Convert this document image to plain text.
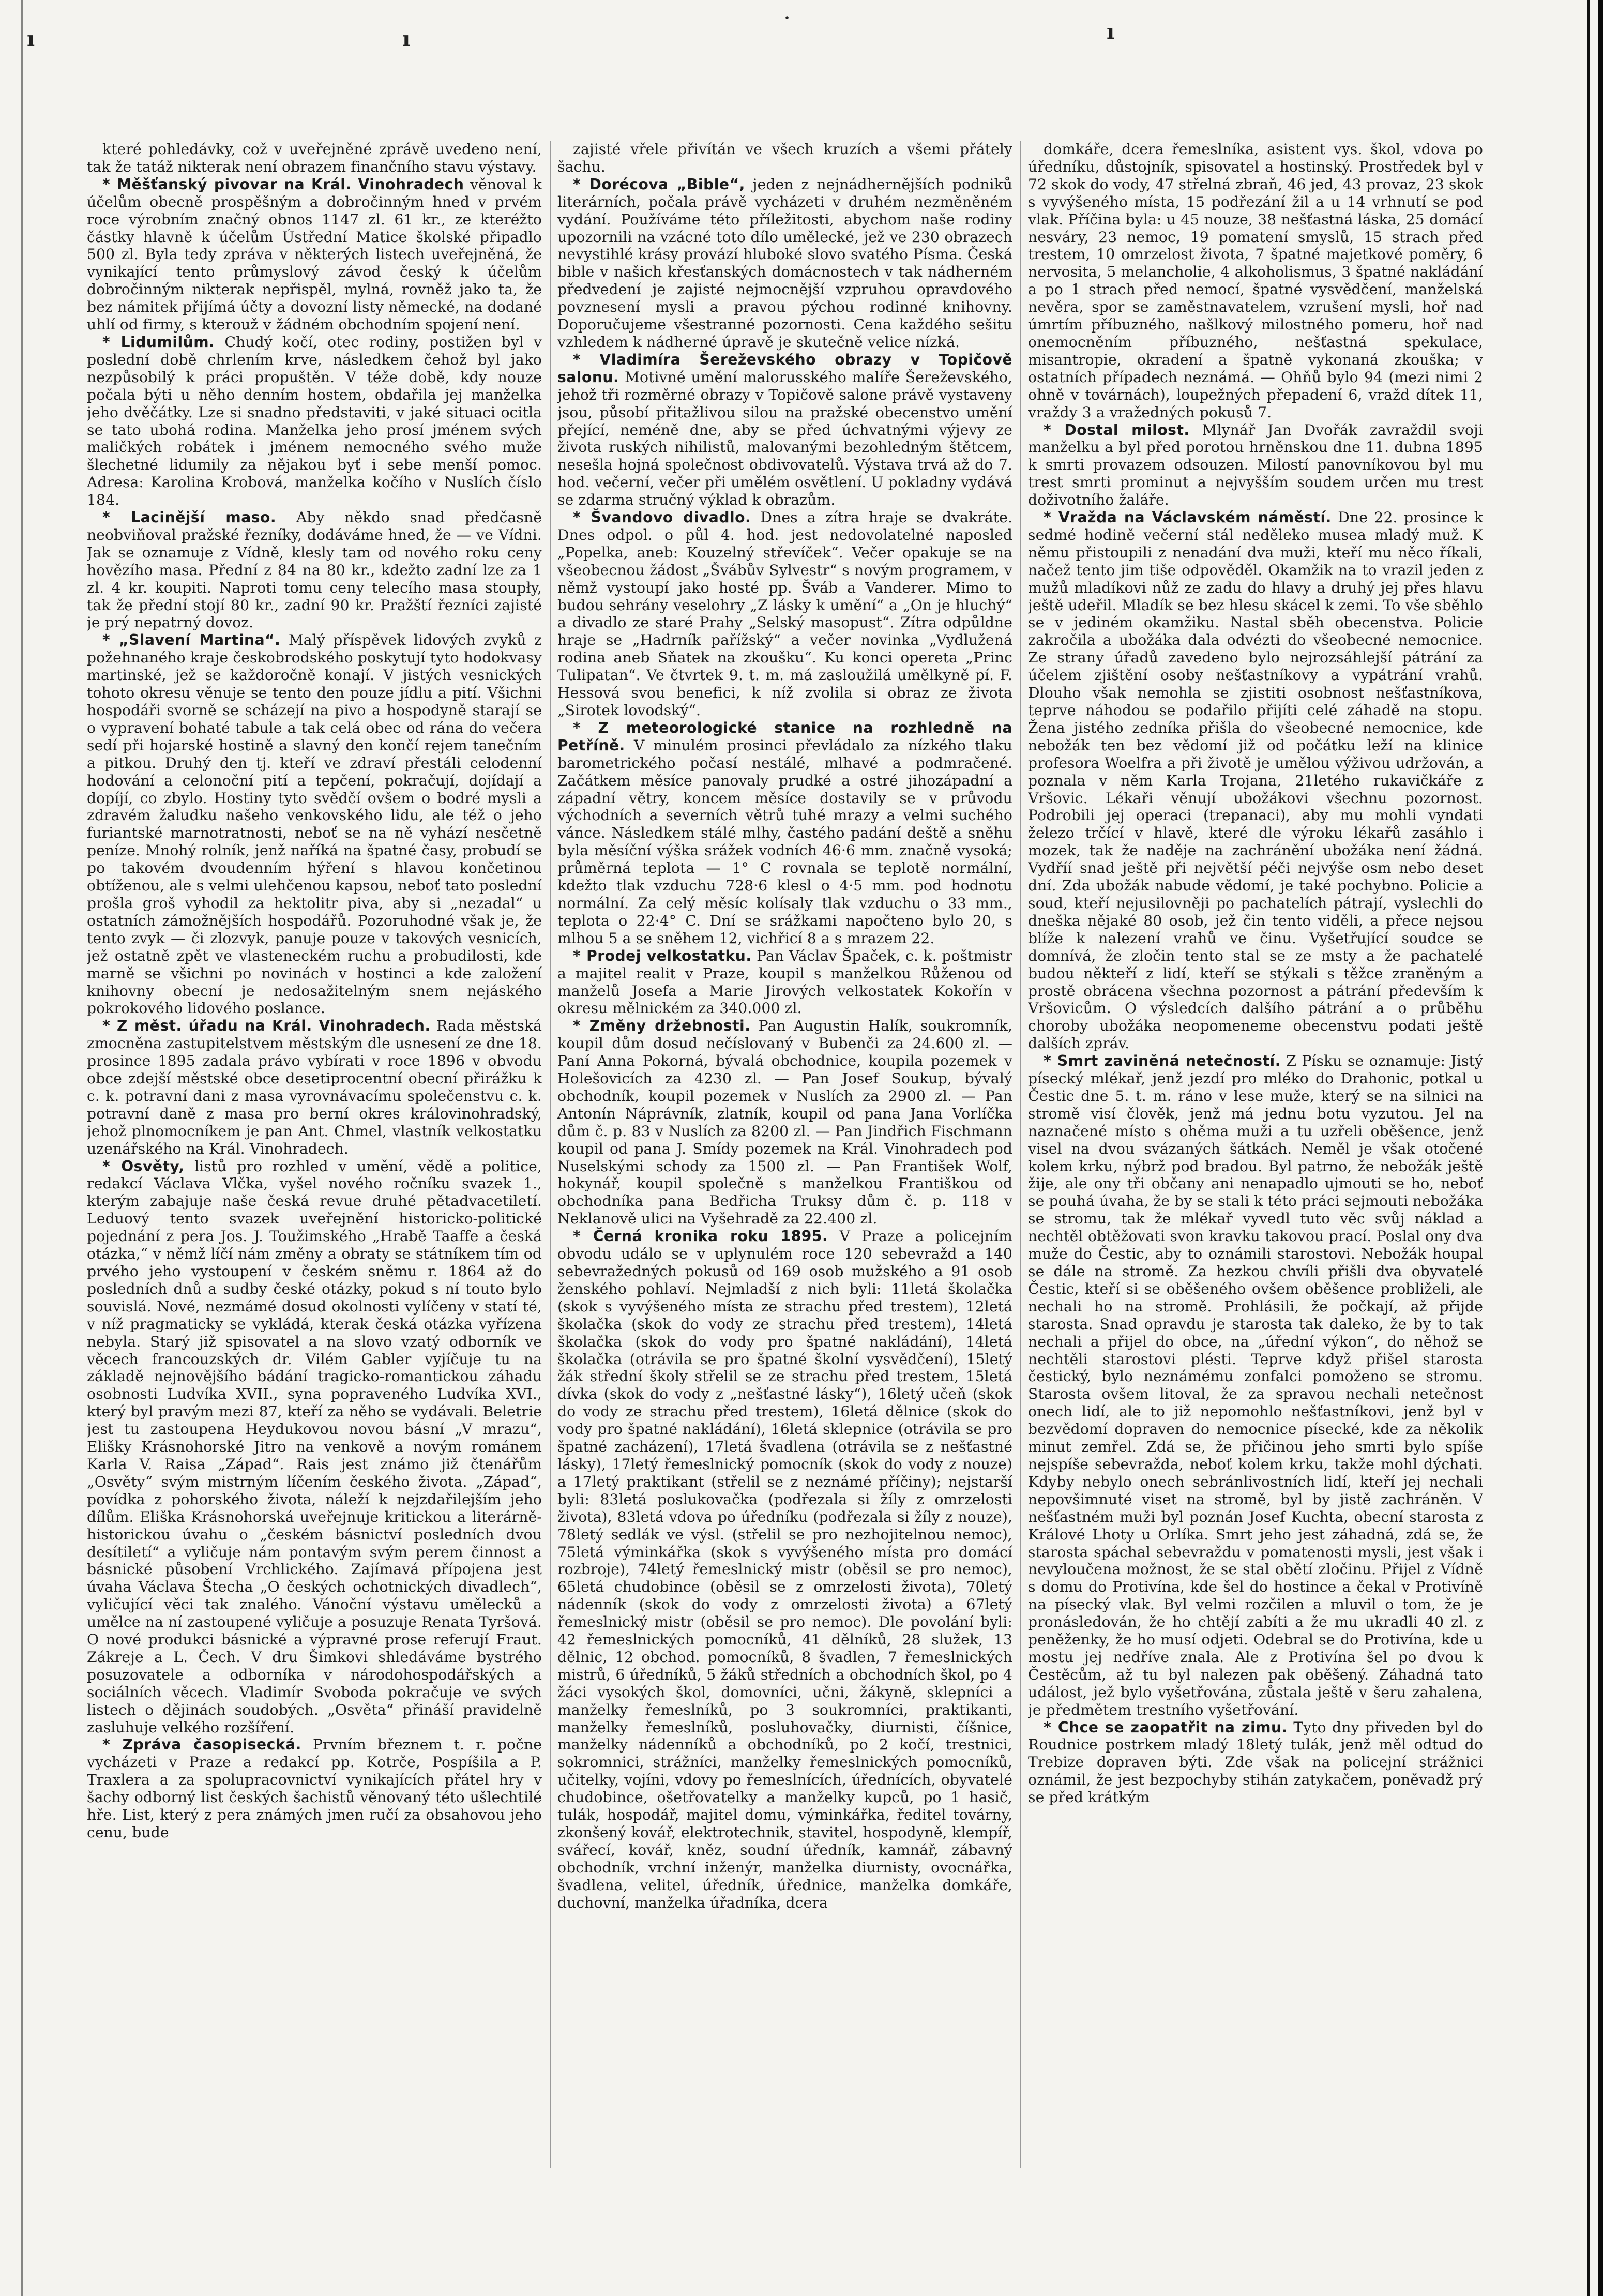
ı	ı
˙	ı

které pohledávky, což v uveřejněné zprávě uvedeno není, tak že tatáž nikterak není obrazem finančního stavu výstavy.

* Měšťanský pivovar na Král. Vinohradech věnoval k účelům obecně prospěšným a dobročinným hned v prvém roce výrobním značný obnos 1147 zl. 61 kr., ze kteréžto částky hlavně k účelům Ústřední Matice školské připadlo 500 zl. Byla tedy zpráva v některých listech uveřejněná, že vynikající tento průmyslový závod český k účelům dobročinným nikterak nepřispěl, mylná, rovněž jako ta, že bez námitek přijímá účty a dovozní listy německé, na dodané uhlí od firmy, s kterouž v žádném obchodním spojení není.

* Lidumilům. Chudý kočí, otec rodiny, postižen byl v poslední době chrlením krve, následkem čehož byl jako nezpůsobilý k práci propuštěn. V téže době, kdy nouze počala býti u něho denním hostem, obdařila jej manželka jeho dvěčátky. Lze si snadno představiti, v jaké situaci ocitla se tato ubohá rodina. Manželka jeho prosí jménem svých maličkých robátek i jménem nemocného svého muže šlechetné lidumily za nějakou byť i sebe menší pomoc. Adresa: Karolina Krobová, manželka kočího v Nuslích číslo 184.

* Lacinější maso. Aby někdo snad předčasně neobviňoval pražské řezníky, dodáváme hned, že — ve Vídni. Jak se oznamuje z Vídně, klesly tam od nového roku ceny hovězího masa. Přední z 84 na 80 kr., kdežto zadní lze za 1 zl. 4 kr. koupiti. Naproti tomu ceny telecího masa stoupły, tak že přední stojí 80 kr., zadní 90 kr. Pražští řezníci zajisté je prý nepatrný dovoz.

* „Slavení Martina“. Malý příspěvek lidových zvyků z požehnaného kraje českobrodského poskytují tyto hodokvasy martinské, jež se každoročně konají. V jistých vesnických tohoto okresu věnuje se tento den pouze jídlu a pití. Všichni hospodáři svorně se scházejí na pivo a hospodyně starají se o vypravení bohaté tabule a tak celá obec od rána do večera sedí při hojarské hostině a slavný den končí rejem tanečním a pitkou. Druhý den tj. kteří ve zdraví přestáli celodenní hodování a celonoční pití a tepčení, pokračují, dojídají a dopíjí, co zbylo. Hostiny tyto svědčí ovšem o bodré mysli a zdravém žaludku našeho venkovského lidu, ale též o jeho furiantské marnotratnosti, neboť se na ně vyhází nesčetně peníze. Mnohý rolník, jenž naříká na špatné časy, probudí se po takovém dvoudenním hýření s hlavou končetinou obtíženou, ale s velmi ulehčenou kapsou, neboť tato poslední prošla groš vyhodil za hektolitr piva, aby si „nezadal“ u ostatních zámožnějších hospodářů. Pozoruhodné však je, že tento zvyk — či zlozvyk, panuje pouze v takových vesnicích, jež ostatně zpět ve vlasteneckém ruchu a probudilosti, kde marně se všichni po novinách v hostinci a kde založení knihovny obecní je nedosažitelným snem nejáského pokrokového lidového poslance.

* Z měst. úřadu na Král. Vinohradech. Rada městská zmocněna zastupitelstvem městským dle usnesení ze dne 18. prosince 1895 zadala právo vybírati v roce 1896 v obvodu obce zdejší městské obce desetiprocentní obecní přirážku k c. k. potravní dani z masa vyrovnávacímu společenstvu c. k. potravní daně z masa pro berní okres královinohradský, jehož plnomocníkem je pan Ant. Chmel, vlastník velkostatku uzenářského na Král. Vinohradech.

* Osvěty, listů pro rozhled v umění, vědě a politice, redakcí Václava Vlčka, vyšel nového ročníku svazek 1., kterým zabajuje naše česká revue druhé pětadvacetiletí. Leduový tento svazek uveřejnění historicko-politické pojednání z pera Jos. J. Toužimského „Hrabě Taaffe a česká otázka,“ v němž líčí nám změny a obraty se státníkem tím od prvého jeho vystoupení v českém sněmu r. 1864 až do posledních dnů a sudby české otázky, pokud s ní touto bylo souvislá. Nové, nezmámé dosud okolnosti vylíčeny v statí té, v níž pragmaticky se vykládá, kterak česká otázka vyřízena nebyla. Starý již spisovatel a na slovo vzatý odborník ve věcech francouzských dr. Vilém Gabler vyjíčuje tu na základě nejnovějšího bádání tragicko-romantickou záhadu osobnosti Ludvíka XVII., syna popraveného Ludvíka XVI., který byl pravým mezi 87, kteří za něho se vydávali. Beletrie jest tu zastoupena Heydukovou novou básní „V mrazu“, Elišky Krásnohorské Jitro na venkově a novým románem Karla V. Raisa „Západ“. Rais jest známo již čtenářům „Osvěty“ svým mistrným líčením českého života. „Západ“, povídka z pohorského života, náleží k nejzdařilejším jeho dílům. Eliška Krásnohorská uveřejnuje kritickou a literárně-historickou úvahu o „českém básnictví posledních dvou desítiletí“ a vyličuje nám pontavým svým perem činnost a básnické působení Vrchlického. Zajímavá přípojena jest úvaha Václava Štecha „O českých ochotnických divadlech“, vyličující věci tak znalého. Vánoční výstavu umělecků a umělce na ní zastoupené vyličuje a posuzuje Renata Tyršová. O nové produkci básnické a výpravné prose referují Fraut. Zákreje a L. Čech. V dru Šimkovi shledáváme bystrého posuzovatele a odborníka v národohospodářských a sociálních věcech. Vladimír Svoboda pokračuje ve svých listech o dějinách soudobých. „Osvěta“ přináší pravidelně zasluhuje velkého rozšíření.

* Zpráva časopisecká. Prvním březnem t. r. počne vycházeti v Praze a redakcí pp. Kotrče, Pospíšila a P. Traxlera a za spolupracovnictví vynikajících přátel hry v šachy odborný list českých šachistů věnovaný této ušlechtilé hře. List, který z pera známých jmen ručí za obsahovou jeho cenu, bude

zajisté vřele přivítán ve všech kruzích a všemi přátely šachu.

* Dorécova „Bible“, jeden z nejnádhernějších podniků literárních, počala právě vycházeti v druhém nezměněném vydání. Používáme této příležitosti, abychom naše rodiny upozornili na vzácné toto dílo umělecké, jež ve 230 obrazech nevystihlé krásy provází hluboké slovo svatého Písma. Česká bible v našich křesťanských domácnostech v tak nádherném předvedení je zajisté nejmocnější vzpruhou opravdového povznesení mysli a pravou pýchou rodinné knihovny. Doporučujeme všestranné pozornosti. Cena každého sešitu vzhledem k nádherné úpravě je skutečně velice nízká.

* Vladimíra Šereževského obrazy v Topičově salonu. Motivné umění malorusského malíře Šereževského, jehož tři rozměrné obrazy v Topičově salone právě vystaveny jsou, působí přitažlivou silou na pražské obecenstvo umění přející, neméně dne, aby se před úchvatnými výjevy ze života ruských nihilistů, malovanými bezohledným štětcem, nesešla hojná společnost obdivovatelů. Výstava trvá až do 7. hod. večerní, večer při umělém osvětlení. U pokladny vydává se zdarma stručný výklad k obrazům.

* Švandovo divadlo. Dnes a zítra hraje se dvakráte. Dnes odpol. o půl 4. hod. jest nedovolatelné naposled „Popelka, aneb: Kouzelný střevíček“. Večer opakuje se na všeobecnou žádost „Švábův Sylvestr“ s novým programem, v němž vystoupí jako hosté pp. Šváb a Vanderer. Mimo to budou sehrány veselohry „Z lásky k umění“ a „On je hluchý“ a divadlo ze staré Prahy „Selský masopust“. Zítra odpůldne hraje se „Hadrník pařížský“ a večer novinka „Vydlužená rodina aneb Sňatek na zkoušku“. Ku konci opereta „Princ Tulipatan“. Ve čtvrtek 9. t. m. má zasloužilá umělkyně pí. F. Hessová svou benefici, k níž zvolila si obraz ze života „Sirotek lovodský“.

* Z meteorologické stanice na rozhledně na Petříně. V minulém prosinci převládalo za nízkého tlaku barometrického počasí nestálé, mlhavé a podmračené. Začátkem měsíce panovaly prudké a ostré jihozápadní a západní větry, koncem měsíce dostavily se v průvodu východních a severních větrů tuhé mrazy a velmi suchého vánce. Následkem stálé mlhy, častého padání deště a sněhu byla měsíční výška srážek vodních 46·6 mm. značně vysoká; průměrná teplota — 1° C rovnala se teplotě normální, kdežto tlak vzduchu 728·6 klesl o 4·5 mm. pod hodnotu normální. Za celý měsíc kolísaly tlak vzduchu o 33 mm., teplota o 22·4° C. Dní se srážkami napočteno bylo 20, s mlhou 5 a se sněhem 12, vichřicí 8 a s mrazem 22.

* Prodej velkostatku. Pan Václav Špaček, c. k. poštmistr a majitel realit v Praze, koupil s manželkou Růženou od manželů Josefa a Marie Jirových velkostatek Kokořín v okresu mělnickém za 340.000 zl.

* Změny držebnosti. Pan Augustin Halík, soukromník, koupil dům dosud nečíslovaný v Bubenči za 24.600 zl. — Paní Anna Pokorná, bývalá obchodnice, koupila pozemek v Holešovicích za 4230 zl. — Pan Josef Soukup, bývalý obchodník, koupil pozemek v Nuslích za 2900 zl. — Pan Antonín Náprávník, zlatník, koupil od pana Jana Vorlíčka dům č. p. 83 v Nuslích za 8200 zl. — Pan Jindřich Fischmann koupil od pana J. Smídy pozemek na Král. Vinohradech pod Nuselskými schody za 1500 zl. — Pan František Wolf, hokynář, koupil společně s manželkou Františkou od obchodníka pana Bedřicha Truksy dům č. p. 118 v Neklanově ulici na Vyšehradě za 22.400 zl.

* Černá kronika roku 1895. V Praze a policejním obvodu událo se v uplynulém roce 120 sebevražd a 140 sebevražedných pokusů od 169 osob mužského a 91 osob ženského pohlaví. Nejmladší z nich byli: 11letá školačka (skok s vyvýšeného místa ze strachu před trestem), 12letá školačka (skok do vody ze strachu před trestem), 14letá školačka (skok do vody pro špatné nakládání), 14letá školačka (otrávila se pro špatné školní vysvědčení), 15letý žák střední školy střelil se ze strachu před trestem, 15letá dívka (skok do vody z „nešťastné lásky“), 16letý učeň (skok do vody ze strachu před trestem), 16letá dělnice (skok do vody pro špatné nakládání), 16letá sklepnice (otrávila se pro špatné zacházení), 17letá švadlena (otrávila se z nešťastné lásky), 17letý řemeslnický pomocník (skok do vody z nouze) a 17letý praktikant (střelil se z neznámé příčiny); nejstarší byli: 83letá poslukovačka (podřezala si žíly z omrzelosti života), 83letá vdova po úředníku (podřezala si žíly z nouze), 78letý sedlák ve výsl. (střelil se pro nezhojitelnou nemoc), 75letá výminkářka (skok s vyvýšeného místa pro domácí rozbroje), 74letý řemeslnický mistr (oběsil se pro nemoc), 65letá chudobince (oběsil se z omrzelosti života), 70letý nádenník (skok do vody z omrzelosti života) a 67letý řemeslnický mistr (oběsil se pro nemoc). Dle povolání byli: 42 řemeslnických pomocníků, 41 dělníků, 28 služek, 13 dělnic, 12 obchod. pomocníků, 8 švadlen, 7 řemeslnických mistrů, 6 úředníků, 5 žáků středních a obchodních škol, po 4 žáci vysokých škol, domovníci, učni, žákyně, sklepníci a manželky řemeslníků, po 3 soukromníci, praktikanti, manželky řemeslníků, posluhovačky, diurnisti, číšnice, manželky nádenníků a obchodníků, po 2 kočí, trestnici, sokromnici, strážníci, manželky řemeslnických pomocníků, učitelky, vojíni, vdovy po řemeslnících, úřednících, obyvatelé chudobince, ošetřovatelky a manželky kupců, po 1 hasič, tulák, hospodář, majitel domu, výminkářka, ředitel továrny, zkonšený kovář, elektrotechnik, stavitel, hospodyně, klempíř, svářecí, kovář, kněz, soudní úředník, kamnář, zábavný obchodník, vrchní inženýr, manželka diurnisty, ovocnářka, švadlena, velitel, úředník, úřednice, manželka domkáře, duchovní, manželka úřadníka, dcera

domkáře, dcera řemeslníka, asistent vys. škol, vdova po úředníku, důstojník, spisovatel a hostinský. Prostředek byl v 72 skok do vody, 47 střelná zbraň, 46 jed, 43 provaz, 23 skok s vyvýšeného místa, 15 podřezání žil a u 14 vrhnutí se pod vlak. Příčina byla: u 45 nouze, 38 nešťastná láska, 25 domácí nesváry, 23 nemoc, 19 pomatení smyslů, 15 strach před trestem, 10 omrzelost života, 7 špatné majetkové poměry, 6 nervosita, 5 melancholie, 4 alkoholismus, 3 špatné nakládání a po 1 strach před nemocí, špatné vysvědčení, manželská nevěra, spor se zaměstnavatelem, vzrušení mysli, hoř nad úmrtím příbuzného, našlkový milostného pomeru, hoř nad onemocněním příbuzného, nešťastná spekulace, misantropie, okradení a špatně vykonaná zkouška; v ostatních případech neznámá. — Ohňů bylo 94 (mezi nimi 2 ohně v továrnách), loupežných přepadení 6, vražd dítek 11, vraždy 3 a vražedných pokusů 7.

* Dostal milost. Mlynář Jan Dvořák zavraždil svoji manželku a byl před porotou hrněnskou dne 11. dubna 1895 k smrti provazem odsouzen. Milostí panovníkovou byl mu trest smrti prominut a nejvyšším soudem určen mu trest doživotního žaláře.

* Vražda na Václavském náměstí. Dne 22. prosince k sedmé hodině večerní stál neděleko musea mladý muž. K němu přistoupili z nenadání dva muži, kteří mu něco říkali, načež tento jim tiše odpověděl. Okamžik na to vrazil jeden z mužů mladíkovi nůž ze zadu do hlavy a druhý jej přes hlavu ještě udeřil. Mladík se bez hlesu skácel k zemi. To vše sběhlo se v jediném okamžiku. Nastal sběh obecenstva. Policie zakročila a ubožáka dala odvézti do všeobecné nemocnice. Ze strany úřadů zavedeno bylo nejrozsáhlejší pátrání za účelem zjištění osoby nešťastníkovy a vypátrání vrahů. Dlouho však nemohla se zjistiti osobnost nešťastníkova, teprve náhodou se podařilo přijíti celé záhadě na stopu. Žena jistého zedníka přišla do všeobecné nemocnice, kde nebožák ten bez vědomí již od počátku leží na klinice profesora Woelfra a při životě je umělou výživou udržován, a poznala v něm Karla Trojana, 21letého rukavičkáře z Vršovic. Lékaři věnují ubožákovi všechnu pozornost. Podrobili jej operaci (trepanaci), aby mu mohli vyndati železo trčící v hlavě, které dle výroku lékařů zasáhlo i mozek, tak že naděje na zachránění ubožáka není žádná. Vydříí snad ještě při největší péči nejvýše osm nebo deset dní. Zda ubožák nabude vědomí, je také pochybno. Policie a soud, kteří nejusilovněji po pachatelích pátrají, vyslechli do dneška nějaké 80 osob, jež čin tento viděli, a přece nejsou blíže k nalezení vrahů ve činu. Vyšetřující soudce se domnívá, že zločin tento stal se ze msty a že pachatelé budou někteří z lidí, kteří se stýkali s těžce zraněným a prostě obrácena všechna pozornost a pátrání především k Vršovicům. O výsledcích dalšího pátrání a o průběhu choroby ubožáka neopomeneme obecenstvu podati ještě dalších zpráv.

* Smrt zaviněná netečností. Z Písku se oznamuje: Jistý písecký mlékař, jenž jezdí pro mléko do Drahonic, potkal u Čestic dne 5. t. m. ráno v lese muže, který se na silnici na stromě visí člověk, jenž má jednu botu vyzutou. Jel na naznačené místo s ohěma muži a tu uzřeli oběšence, jenž visel na dvou svázaných šátkách. Neměl je však otočené kolem krku, nýbrž pod bradou. Byl patrno, že nebožák ještě žije, ale ony tři občany ani nenapadlo ujmouti se ho, neboť se pouhá úvaha, že by se stali k této práci sejmouti nebožáka se stromu, tak že mlékař vyvedl tuto věc svůj náklad a nechtěl obtěžovati svon kravku takovou prací. Poslal ony dva muže do Čestic, aby to oznámili starostovi. Nebožák houpal se dále na stromě. Za hezkou chvíli přišli dva obyvatelé Čestic, kteří si se oběšeného ovšem oběšence probliželi, ale nechali ho na stromě. Prohlásili, že počkají, až přijde starosta. Snad opravdu je starosta tak daleko, že by to tak nechali a přijel do obce, na „úřední výkon“, do něhož se nechtěli starostovi plésti. Teprve když přišel starosta čestický, bylo neznámému zonfalci pomoženo se stromu. Starosta ovšem litoval, že za spravou nechali netečnost onech lidí, ale to již nepomohlo nešťastníkovi, jenž byl v bezvědomí dopraven do nemocnice písecké, kde za několik minut zemřel. Zdá se, že přičinou jeho smrti bylo spíše nejspíše sebevražda, neboť kolem krku, takže mohl dýchati. Kdyby nebylo onech sebránlivostních lidí, kteří jej nechali nepovšimnuté viset na stromě, byl by jistě zachráněn. V nešťastném muži byl poznán Josef Kuchta, obecní starosta z Králové Lhoty u Orlíka. Smrt jeho jest záhadná, zdá se, že starosta spáchal sebevraždu v pomatenosti mysli, jest však i nevyloučena možnost, že se stal obětí zločinu. Přijel z Vídně s domu do Protivína, kde šel do hostince a čekal v Protivíně na písecký vlak. Byl velmi rozčilen a mluvil o tom, že je pronásledován, že ho chtějí zabíti a že mu ukradli 40 zl. z peněženky, že ho musí odjeti. Odebral se do Protivína, kde u mostu jej nedříve znala. Ale z Protivína šel po dvou k Čestěcům, až tu byl nalezen pak oběšený. Záhadná tato událost, jež bylo vyšetřována, zůstala ještě v šeru zahalena, je předmětem trestního vyšetřování.

* Chce se zaopatřit na zimu. Tyto dny přiveden byl do Roudnice postrkem mladý 18letý tulák, jenž měl odtud do Trebize dopraven býti. Zde však na policejní strážnici oznámil, že jest bezpochyby stihán zatykačem, poněvadž prý se před krátkým
